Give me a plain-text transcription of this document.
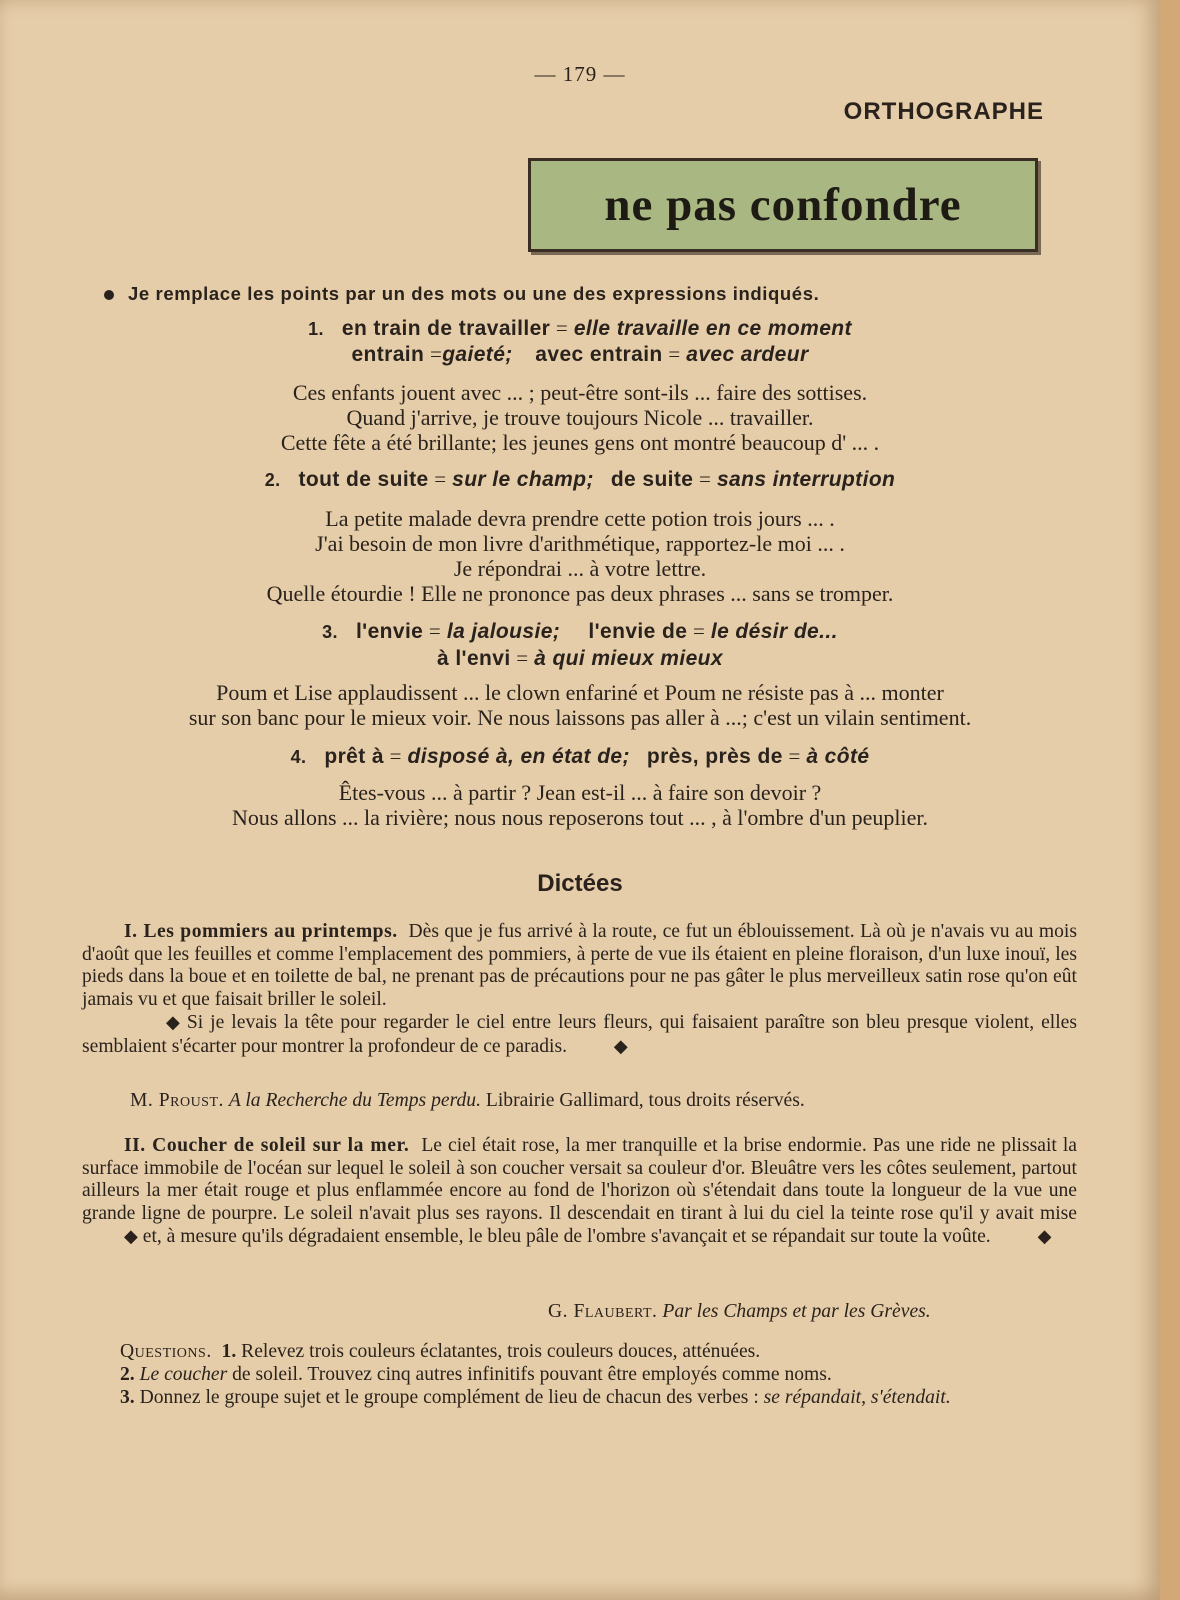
— 179 —
ORTHOGRAPHE
ne pas confondre
Je remplace les points par un des mots ou une des expressions indiqués.
1. en train de travailler = elle travaille en ce moment
entrain =gaieté; avec entrain = avec ardeur
Ces enfants jouent avec ... ; peut-être sont-ils ... faire des sottises.
Quand j'arrive, je trouve toujours Nicole ... travailler.
Cette fête a été brillante; les jeunes gens ont montré beaucoup d' ... .
2. tout de suite = sur le champ; de suite = sans interruption
La petite malade devra prendre cette potion trois jours ... .
J'ai besoin de mon livre d'arithmétique, rapportez-le moi ... .
Je répondrai ... à votre lettre.
Quelle étourdie ! Elle ne prononce pas deux phrases ... sans se tromper.
3. l'envie = la jalousie; l'envie de = le désir de...
à l'envi = à qui mieux mieux
Poum et Lise applaudissent ... le clown enfariné et Poum ne résiste pas à ... monter
sur son banc pour le mieux voir. Ne nous laissons pas aller à ...; c'est un vilain sentiment.
4. prêt à = disposé à, en état de; près, près de = à côté
Êtes-vous ... à partir ? Jean est-il ... à faire son devoir ?
Nous allons ... la rivière; nous nous reposerons tout ... , à l'ombre d'un peuplier.
Dictées

I. Les pommiers au printemps. Dès que je fus arrivé à la route, ce fut un éblouissement. Là où je n'avais vu au mois d'août que les feuilles et comme l'emplacement des pommiers, à perte de vue ils étaient en pleine floraison, d'un luxe inouï, les pieds dans la boue et en toilette de bal, ne prenant pas de précautions pour ne pas gâter le plus merveilleux satin rose qu'on eût jamais vu et que faisait briller le soleil.

◆ Si je levais la tête pour regarder le ciel entre leurs fleurs, qui faisaient paraître son bleu presque violent, elles semblaient s'écarter pour montrer la profondeur de ce paradis.	◆

M. Proust. A la Recherche du Temps perdu. Librairie Gallimard, tous droits réservés.

II. Coucher de soleil sur la mer. Le ciel était rose, la mer tranquille et la brise endormie. Pas une ride ne plissait la surface immobile de l'océan sur lequel le soleil à son coucher versait sa couleur d'or. Bleuâtre vers les côtes seulement, partout ailleurs la mer était rouge et plus enflammée encore au fond de l'horizon où s'étendait dans toute la longueur de la vue une grande ligne de pourpre. Le soleil n'avait plus ses rayons. Il descendait en tirant à lui du ciel la teinte rose qu'il y avait mise ◆ et, à mesure qu'ils dégradaient ensemble, le bleu pâle de l'ombre s'avançait et se répandait sur toute la voûte.	◆

G. Flaubert. Par les Champs et par les Grèves.

Questions. 1. Relevez trois couleurs éclatantes, trois couleurs douces, atténuées.

2. Le coucher de soleil. Trouvez cinq autres infinitifs pouvant être employés comme noms.

3. Donnez le groupe sujet et le groupe complément de lieu de chacun des verbes : se répandait, s'étendait.
